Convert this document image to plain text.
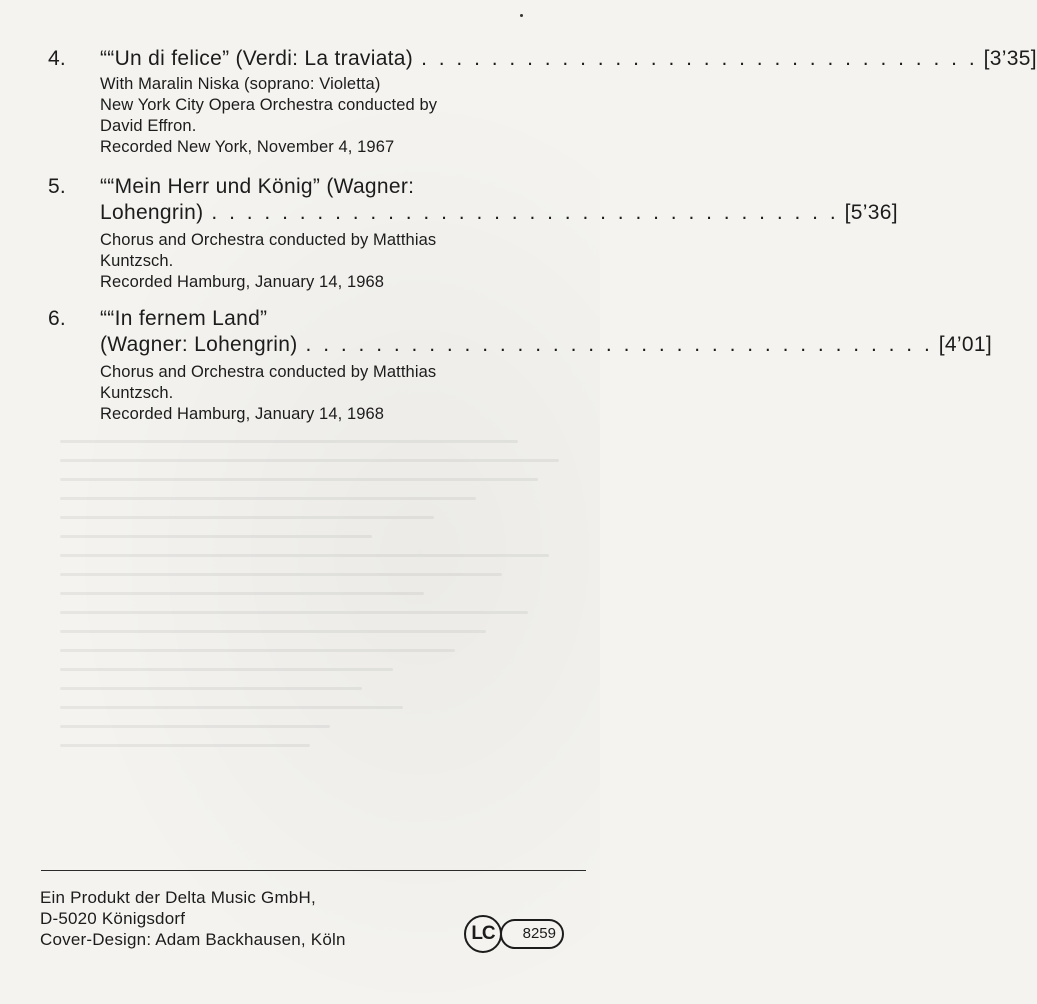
4. ““Un di felice” (Verdi: La traviata) . . . . . . . . . . . . . . . . . . . . . . . . . . . . . . . . [3’35]
With Maralin Niska (soprano: Violetta)
New York City Opera Orchestra conducted by
David Effron.
Recorded New York, November 4, 1967
5. ““Mein Herr und König” (Wagner:
Lohengrin) . . . . . . . . . . . . . . . . . . . . . . . . . . . . . . . . . . . . [5’36]
Chorus and Orchestra conducted by Matthias
Kuntzsch.
Recorded Hamburg, January 14, 1968
6. ““In fernem Land”
(Wagner: Lohengrin) . . . . . . . . . . . . . . . . . . . . . . . . . . . . . . . . . . . . [4’01]
Chorus and Orchestra conducted by Matthias
Kuntzsch.
Recorded Hamburg, January 14, 1968
Ein Produkt der Delta Music GmbH,
D-5020 Königsdorf
Cover-Design: Adam Backhausen, Köln	8259
LC
